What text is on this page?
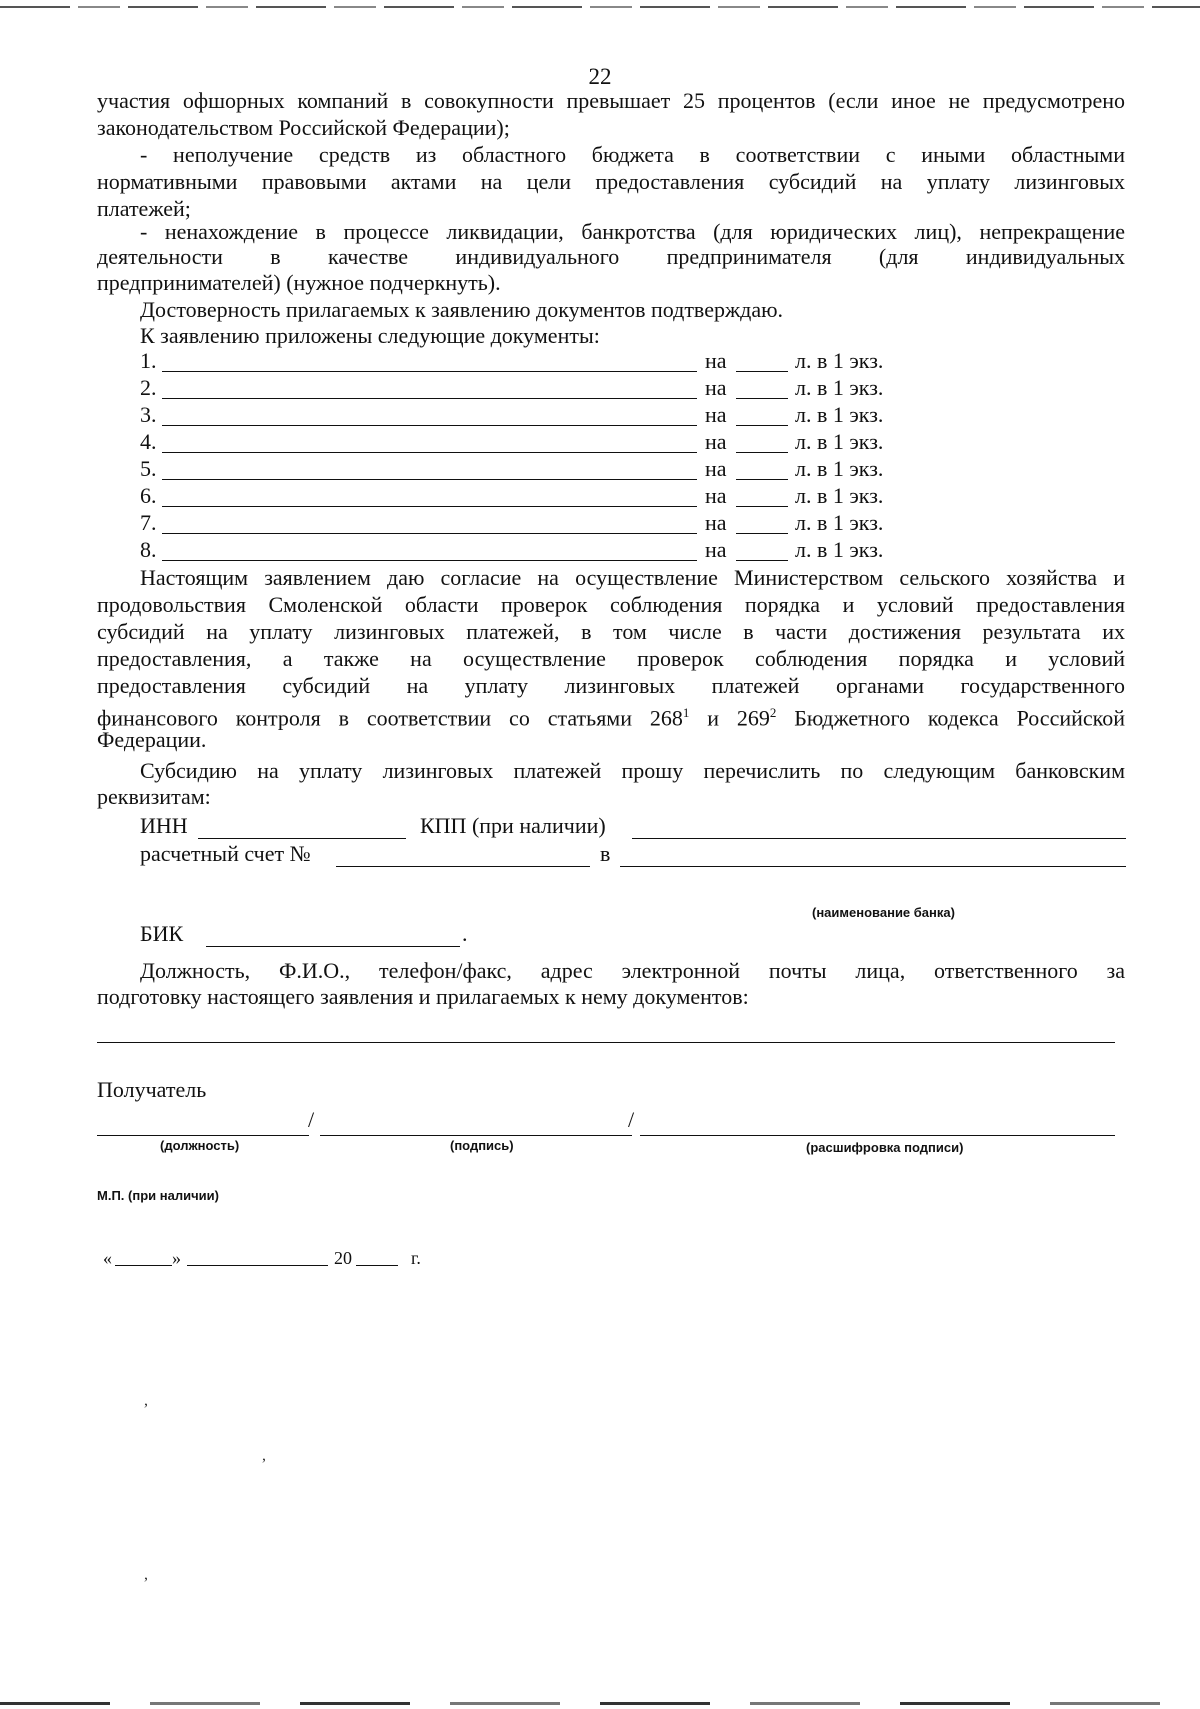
22

участия офшорных компаний в совокупности превышает 25 процентов (если иное не предусмотрено

законодательством Российской Федерации);

- неполучение средств из областного бюджета в соответствии с иными областными

нормативными правовыми актами на цели предоставления субсидий на уплату лизинговых

платежей;

- ненахождение в процессе ликвидации, банкротства (для юридических лиц), непрекращение

деятельности в качестве индивидуального предпринимателя (для индивидуальных

предпринимателей) (нужное подчеркнуть).

Достоверность прилагаемых к заявлению документов подтверждаю.

К заявлению приложены следующие документы:

1.	на	л. в 1 экз.
2.	на	л. в 1 экз.
3.	на	л. в 1 экз.
4.	на	л. в 1 экз.
5.	на	л. в 1 экз.
6.	на	л. в 1 экз.
7.	на	л. в 1 экз.
8.	на	л. в 1 экз.

Настоящим заявлением даю согласие на осуществление Министерством сельского хозяйства и

продовольствия Смоленской области проверок соблюдения порядка и условий предоставления

субсидий на уплату лизинговых платежей, в том числе в части достижения результата их

предоставления, а также на осуществление проверок соблюдения порядка и условий

предоставления субсидий на уплату лизинговых платежей органами государственного

финансового контроля в соответствии со статьями $268^1$ и $269^2$ Бюджетного кодекса Российской

Федерации.

Субсидию на уплату лизинговых платежей прошу перечислить по следующим банковским

реквизитам:

ИНН	КПП (при наличии)
расчетный счет №	в
(наименование банка)
БИК	.

Должность, Ф.И.О., телефон/факс, адрес электронной почты лица, ответственного за

подготовку настоящего заявления и прилагаемых к нему документов:

Получатель
/	/
(должность)	(подпись)	(расшифровка подписи)
М.П. (при наличии)
«	»	20	г.
,
,
,
